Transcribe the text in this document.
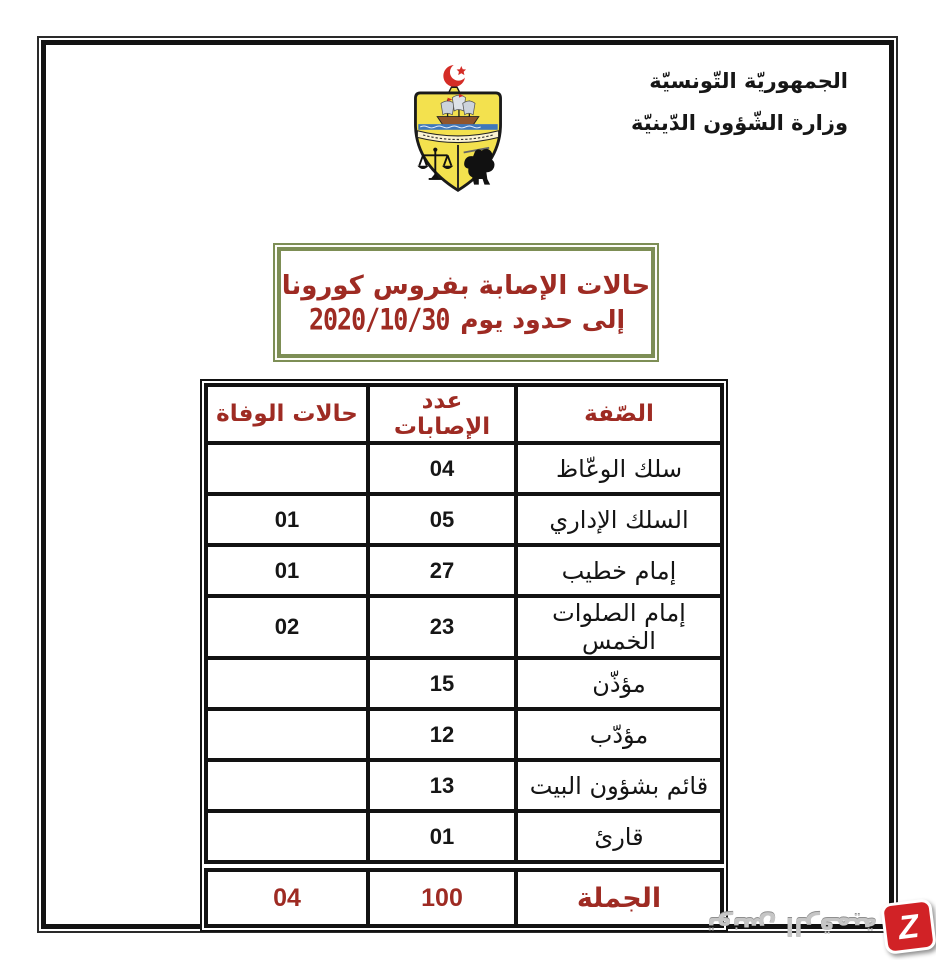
الجمهوريّة التّونسيّة
وزارة الشّؤون الدّينيّة
حالات الإصابة بفروس كورونا
إلى حدود يوم 2020/10/30
الصّفة	عدد الإصابات	حالات الوفاة
سلك الوعّاظ	04	
السلك الإداري	05	01
إمام خطيب	27	01
إمام الصلوات الخمس	23	02
مؤذّن	15	
مؤدّب	12	
قائم بشؤون البيت	13	
قارئ	01	
الجملة	100	04
تونس الرقمية Z
